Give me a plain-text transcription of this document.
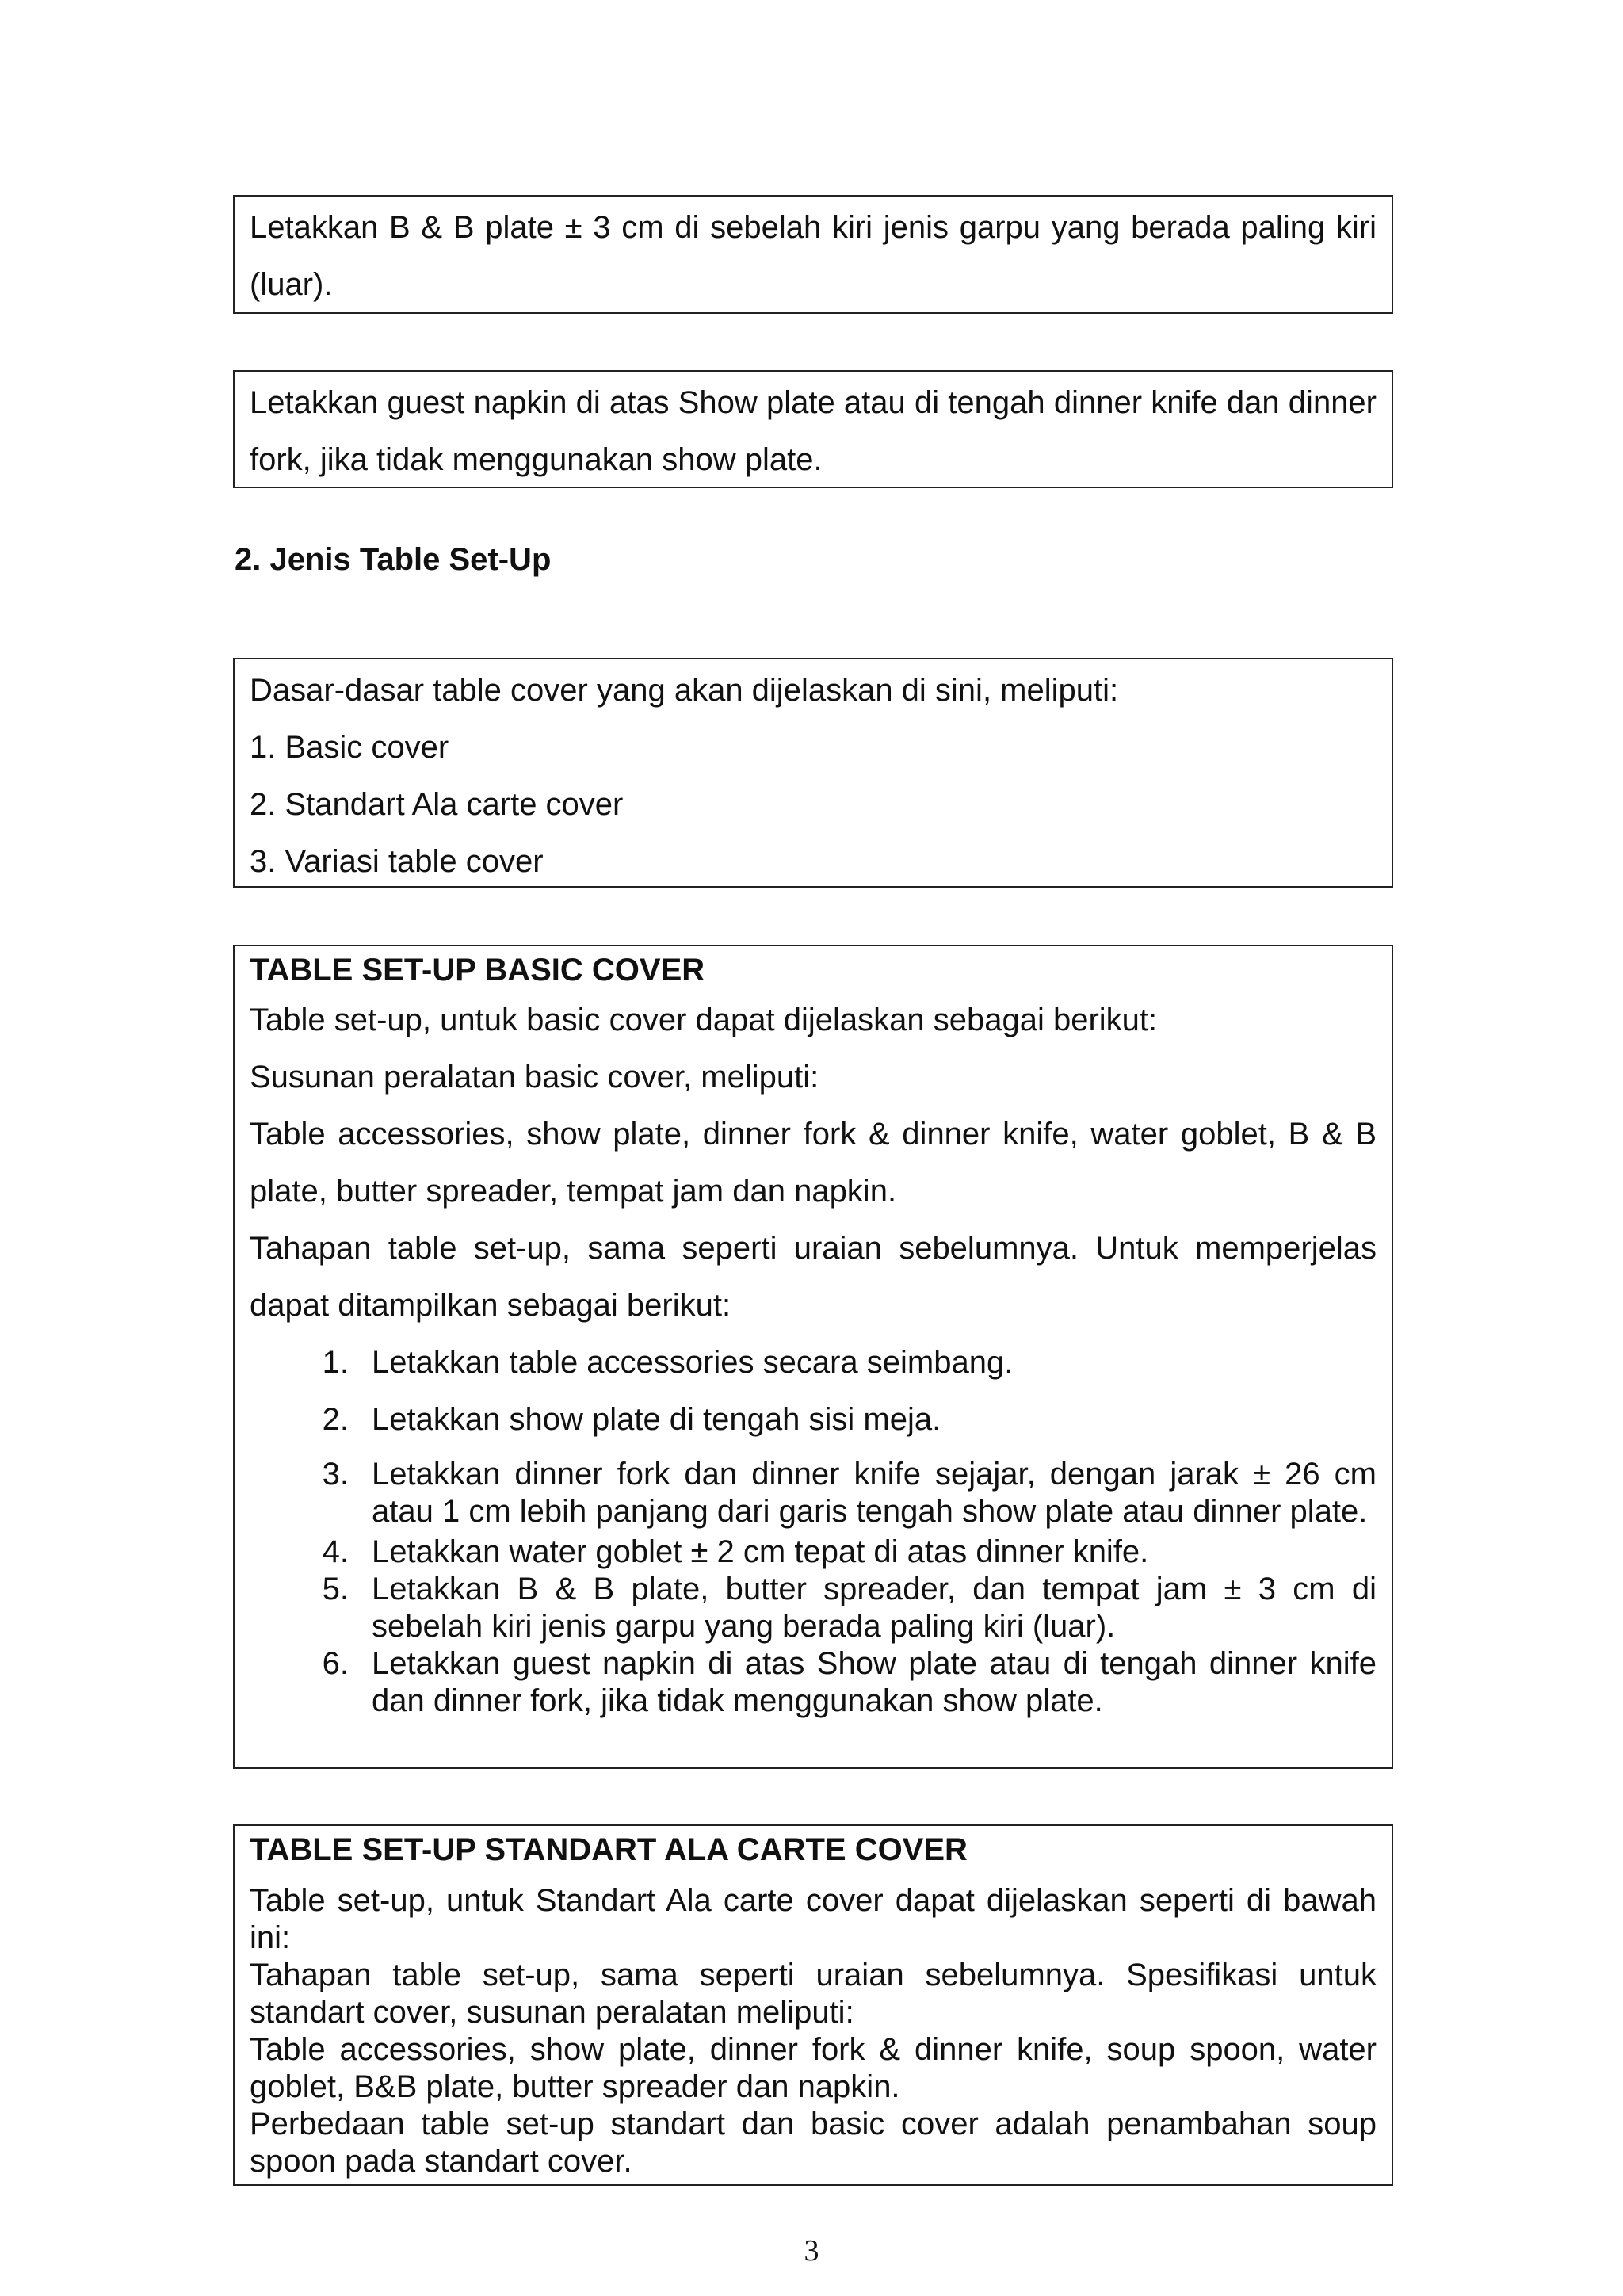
Letakkan B & B plate ± 3 cm di sebelah kiri jenis garpu yang berada paling kiri (luar).

Letakkan guest napkin di atas Show plate atau di tengah dinner knife dan dinner fork, jika tidak menggunakan show plate.

2. Jenis Table Set-Up

Dasar-dasar table cover yang akan dijelaskan di sini, meliputi:

1. Basic cover

2. Standart Ala carte cover

3. Variasi table cover

TABLE SET-UP BASIC COVER

Table set-up, untuk basic cover dapat dijelaskan sebagai berikut:

Susunan peralatan basic cover, meliputi:

Table accessories, show plate, dinner fork & dinner knife, water goblet, B & B plate, butter spreader, tempat jam dan napkin.

Tahapan table set-up, sama seperti uraian sebelumnya. Untuk memperjelas dapat ditampilkan sebagai berikut:

1. Letakkan table accessories secara seimbang.
2. Letakkan show plate di tengah sisi meja.
3. Letakkan dinner fork dan dinner knife sejajar, dengan jarak ± 26 cm atau 1 cm lebih panjang dari garis tengah show plate atau dinner plate.
4. Letakkan water goblet ± 2 cm tepat di atas dinner knife.
5. Letakkan B & B plate, butter spreader, dan tempat jam ± 3 cm di sebelah kiri jenis garpu yang berada paling kiri (luar).
6. Letakkan guest napkin di atas Show plate atau di tengah dinner knife dan dinner fork, jika tidak menggunakan show plate.

TABLE SET-UP STANDART ALA CARTE COVER

Table set-up, untuk Standart Ala carte cover dapat dijelaskan seperti di bawah ini:

Tahapan table set-up, sama seperti uraian sebelumnya. Spesifikasi untuk standart cover, susunan peralatan meliputi:

Table accessories, show plate, dinner fork & dinner knife, soup spoon, water goblet, B&B plate, butter spreader dan napkin.

Perbedaan table set-up standart dan basic cover adalah penambahan soup spoon pada standart cover.

3
